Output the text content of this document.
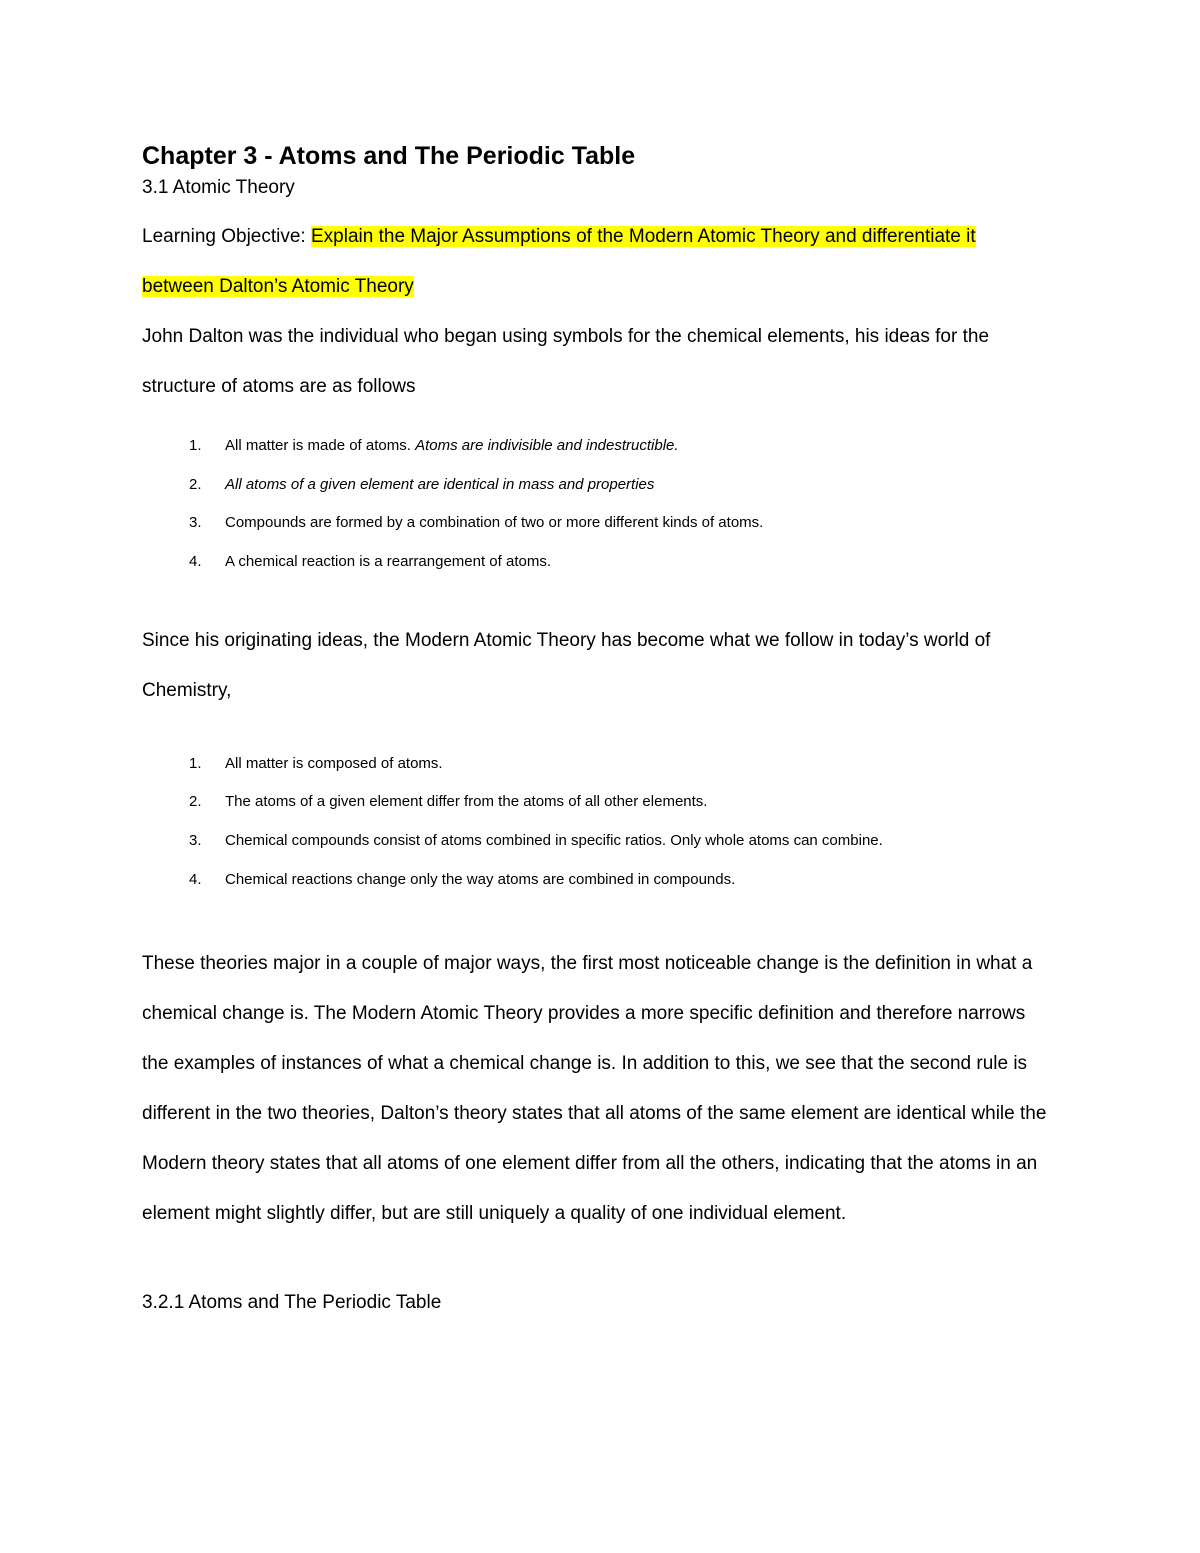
Chapter 3 - Atoms and The Periodic Table

3.1 Atomic Theory

Learning Objective: Explain the Major Assumptions of the Modern Atomic Theory and differentiate it between Dalton’s Atomic Theory

John Dalton was the individual who began using symbols for the chemical elements, his ideas for the structure of atoms are as follows

1. All matter is made of atoms. Atoms are indivisible and indestructible.
2. All atoms of a given element are identical in mass and properties
3. Compounds are formed by a combination of two or more different kinds of atoms.
4. A chemical reaction is a rearrangement of atoms.

Since his originating ideas, the Modern Atomic Theory has become what we follow in today’s world of Chemistry,

1. All matter is composed of atoms.
2. The atoms of a given element differ from the atoms of all other elements.
3. Chemical compounds consist of atoms combined in specific ratios. Only whole atoms can combine.
4. Chemical reactions change only the way atoms are combined in compounds.

These theories major in a couple of major ways, the first most noticeable change is the definition in what a chemical change is. The Modern Atomic Theory provides a more specific definition and therefore narrows the examples of instances of what a chemical change is. In addition to this, we see that the second rule is different in the two theories, Dalton’s theory states that all atoms of the same element are identical while the Modern theory states that all atoms of one element differ from all the others, indicating that the atoms in an element might slightly differ, but are still uniquely a quality of one individual element.

3.2.1 Atoms and The Periodic Table
